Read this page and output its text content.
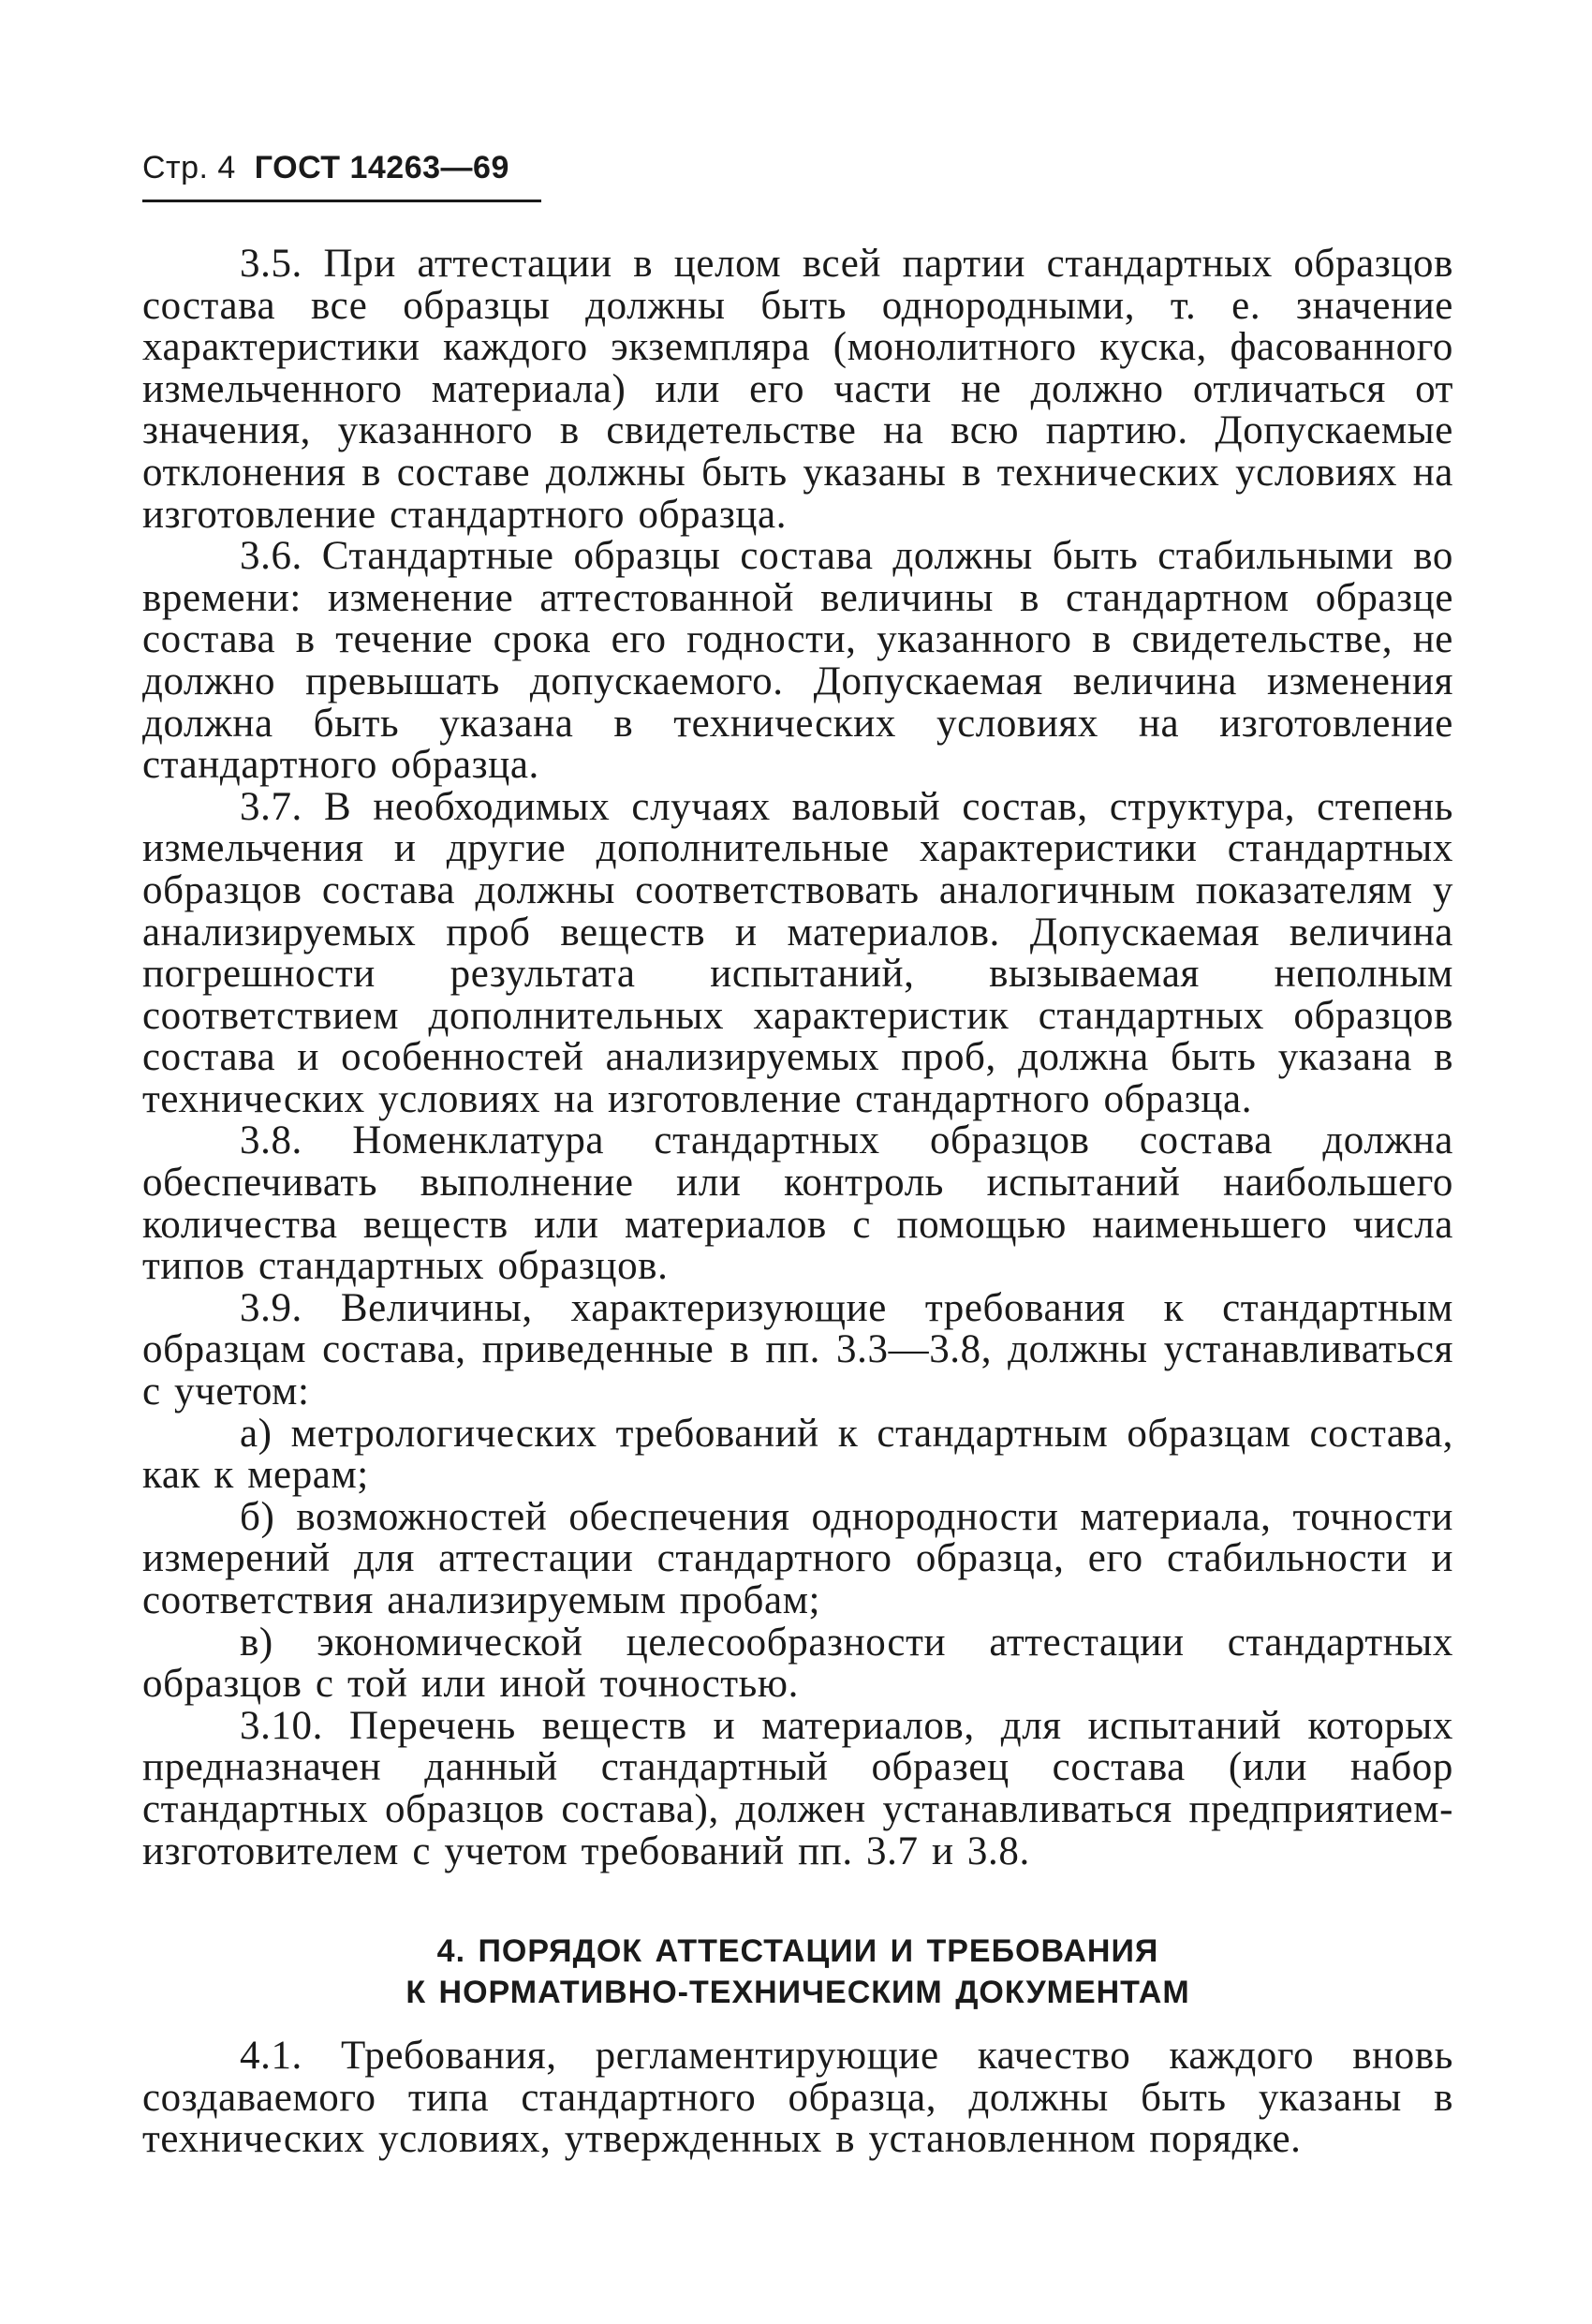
Стр. 4 ГОСТ 14263—69

3.5. При аттестации в целом всей партии стандартных образцов состава все образцы должны быть однородными, т. е. значение характеристики каждого экземпляра (монолитного куска, фасованного измельченного материала) или его части не должно отличаться от значения, указанного в свидетельстве на всю партию. Допускаемые отклонения в составе должны быть указаны в технических условиях на изготовление стандартного образца.

3.6. Стандартные образцы состава должны быть стабильными во времени: изменение аттестованной величины в стандартном образце состава в течение срока его годности, указанного в свидетельстве, не должно превышать допускаемого. Допускаемая величина изменения должна быть указана в технических условиях на изготовление стандартного образца.

3.7. В необходимых случаях валовый состав, структура, степень измельчения и другие дополнительные характеристики стандартных образцов состава должны соответствовать аналогичным показателям у анализируемых проб веществ и материалов. Допускаемая величина погрешности результата испытаний, вызываемая неполным соответствием дополнительных характеристик стандартных образцов состава и особенностей анализируемых проб, должна быть указана в технических условиях на изготовление стандартного образца.

3.8. Номенклатура стандартных образцов состава должна обеспечивать выполнение или контроль испытаний наибольшего количества веществ или материалов с помощью наименьшего числа типов стандартных образцов.

3.9. Величины, характеризующие требования к стандартным образцам состава, приведенные в пп. 3.3—3.8, должны устанавливаться с учетом:

а) метрологических требований к стандартным образцам состава, как к мерам;

б) возможностей обеспечения однородности материала, точности измерений для аттестации стандартного образца, его стабильности и соответствия анализируемым пробам;

в) экономической целесообразности аттестации стандартных образцов с той или иной точностью.

3.10. Перечень веществ и материалов, для испытаний которых предназначен данный стандартный образец состава (или набор стандартных образцов состава), должен устанавливаться предприятием-изготовителем с учетом требований пп. 3.7 и 3.8.

4. ПОРЯДОК АТТЕСТАЦИИ И ТРЕБОВАНИЯ
К НОРМАТИВНО-ТЕХНИЧЕСКИМ ДОКУМЕНТАМ

4.1. Требования, регламентирующие качество каждого вновь создаваемого типа стандартного образца, должны быть указаны в технических условиях, утвержденных в установленном порядке.
